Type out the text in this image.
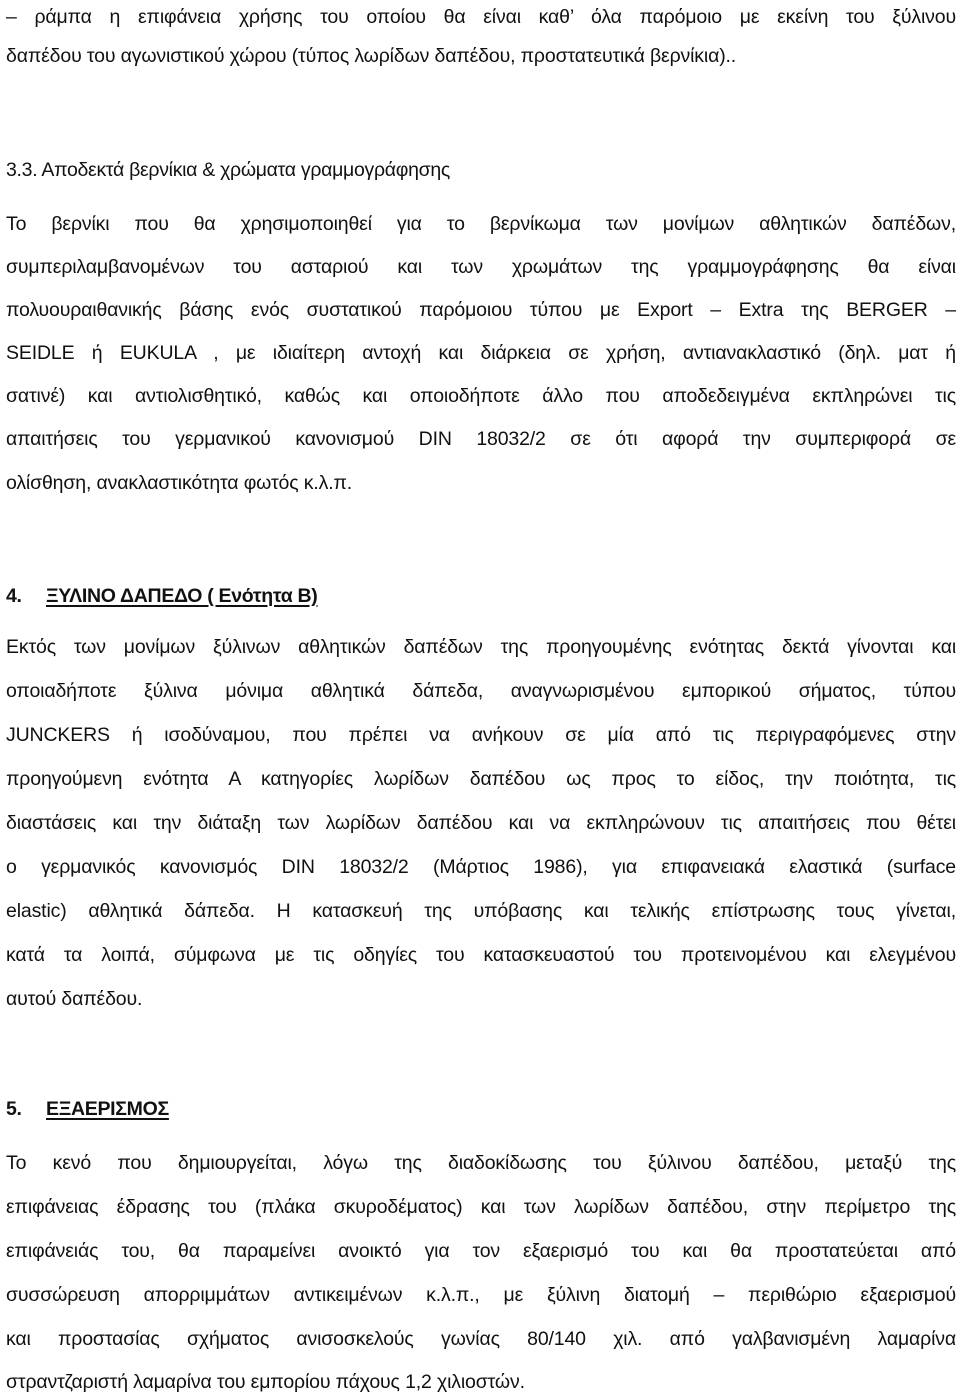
– ράμπα η επιφάνεια χρήσης του οποίου θα είναι καθ’ όλα παρόμοιο με εκείνη του ξύλινου
δαπέδου του αγωνιστικού χώρου (τύπος λωρίδων δαπέδου, προστατευτικά βερνίκια)..
3.3. Αποδεκτά βερνίκια & χρώματα γραμμογράφησης
Το βερνίκι που θα χρησιμοποιηθεί για το βερνίκωμα των μονίμων αθλητικών δαπέδων,
συμπεριλαμβανομένων του ασταριού και των χρωμάτων της γραμμογράφησης θα είναι
πολυουραιθανικής βάσης ενός συστατικού παρόμοιου τύπου με Export – Extra της BERGER –
SEIDLE ή EUKULA , με ιδιαίτερη αντοχή και διάρκεια σε χρήση, αντιανακλαστικό (δηλ. ματ ή
σατινέ) και αντιολισθητικό, καθώς και οποιοδήποτε άλλο που αποδεδειγμένα εκπληρώνει τις
απαιτήσεις του γερμανικού κανονισμού DIN 18032/2 σε ότι αφορά την συμπεριφορά σε
ολίσθηση, ανακλαστικότητα φωτός κ.λ.π.
4. ΞΥΛΙΝΟ ΔΑΠΕΔΟ ( Ενότητα Β)
Εκτός των μονίμων ξύλινων αθλητικών δαπέδων της προηγουμένης ενότητας δεκτά γίνονται και
οποιαδήποτε ξύλινα μόνιμα αθλητικά δάπεδα, αναγνωρισμένου εμπορικού σήματος, τύπου
JUNCKERS ή ισοδύναμου, που πρέπει να ανήκουν σε μία από τις περιγραφόμενες στην
προηγούμενη ενότητα Α κατηγορίες λωρίδων δαπέδου ως προς το είδος, την ποιότητα, τις
διαστάσεις και την διάταξη των λωρίδων δαπέδου και να εκπληρώνουν τις απαιτήσεις που θέτει
ο γερμανικός κανονισμός DIN 18032/2 (Μάρτιος 1986), για επιφανειακά ελαστικά (surface
elastic) αθλητικά δάπεδα. Η κατασκευή της υπόβασης και τελικής επίστρωσης τους γίνεται,
κατά τα λοιπά, σύμφωνα με τις οδηγίες του κατασκευαστού του προτεινομένου και ελεγμένου
αυτού δαπέδου.
5. ΕΞΑΕΡΙΣΜΟΣ
Το κενό που δημιουργείται, λόγω της διαδοκίδωσης του ξύλινου δαπέδου, μεταξύ της
επιφάνειας έδρασης του (πλάκα σκυροδέματος) και των λωρίδων δαπέδου, στην περίμετρο της
επιφάνειάς του, θα παραμείνει ανοικτό για τον εξαερισμό του και θα προστατεύεται από
συσσώρευση απορριμμάτων αντικειμένων κ.λ.π., με ξύλινη διατομή – περιθώριο εξαερισμού
και προστασίας σχήματος ανισοσκελούς γωνίας 80/140 χιλ. από γαλβανισμένη λαμαρίνα
στραντζαριστή λαμαρίνα του εμπορίου πάχους 1,2 χιλιοστών.
